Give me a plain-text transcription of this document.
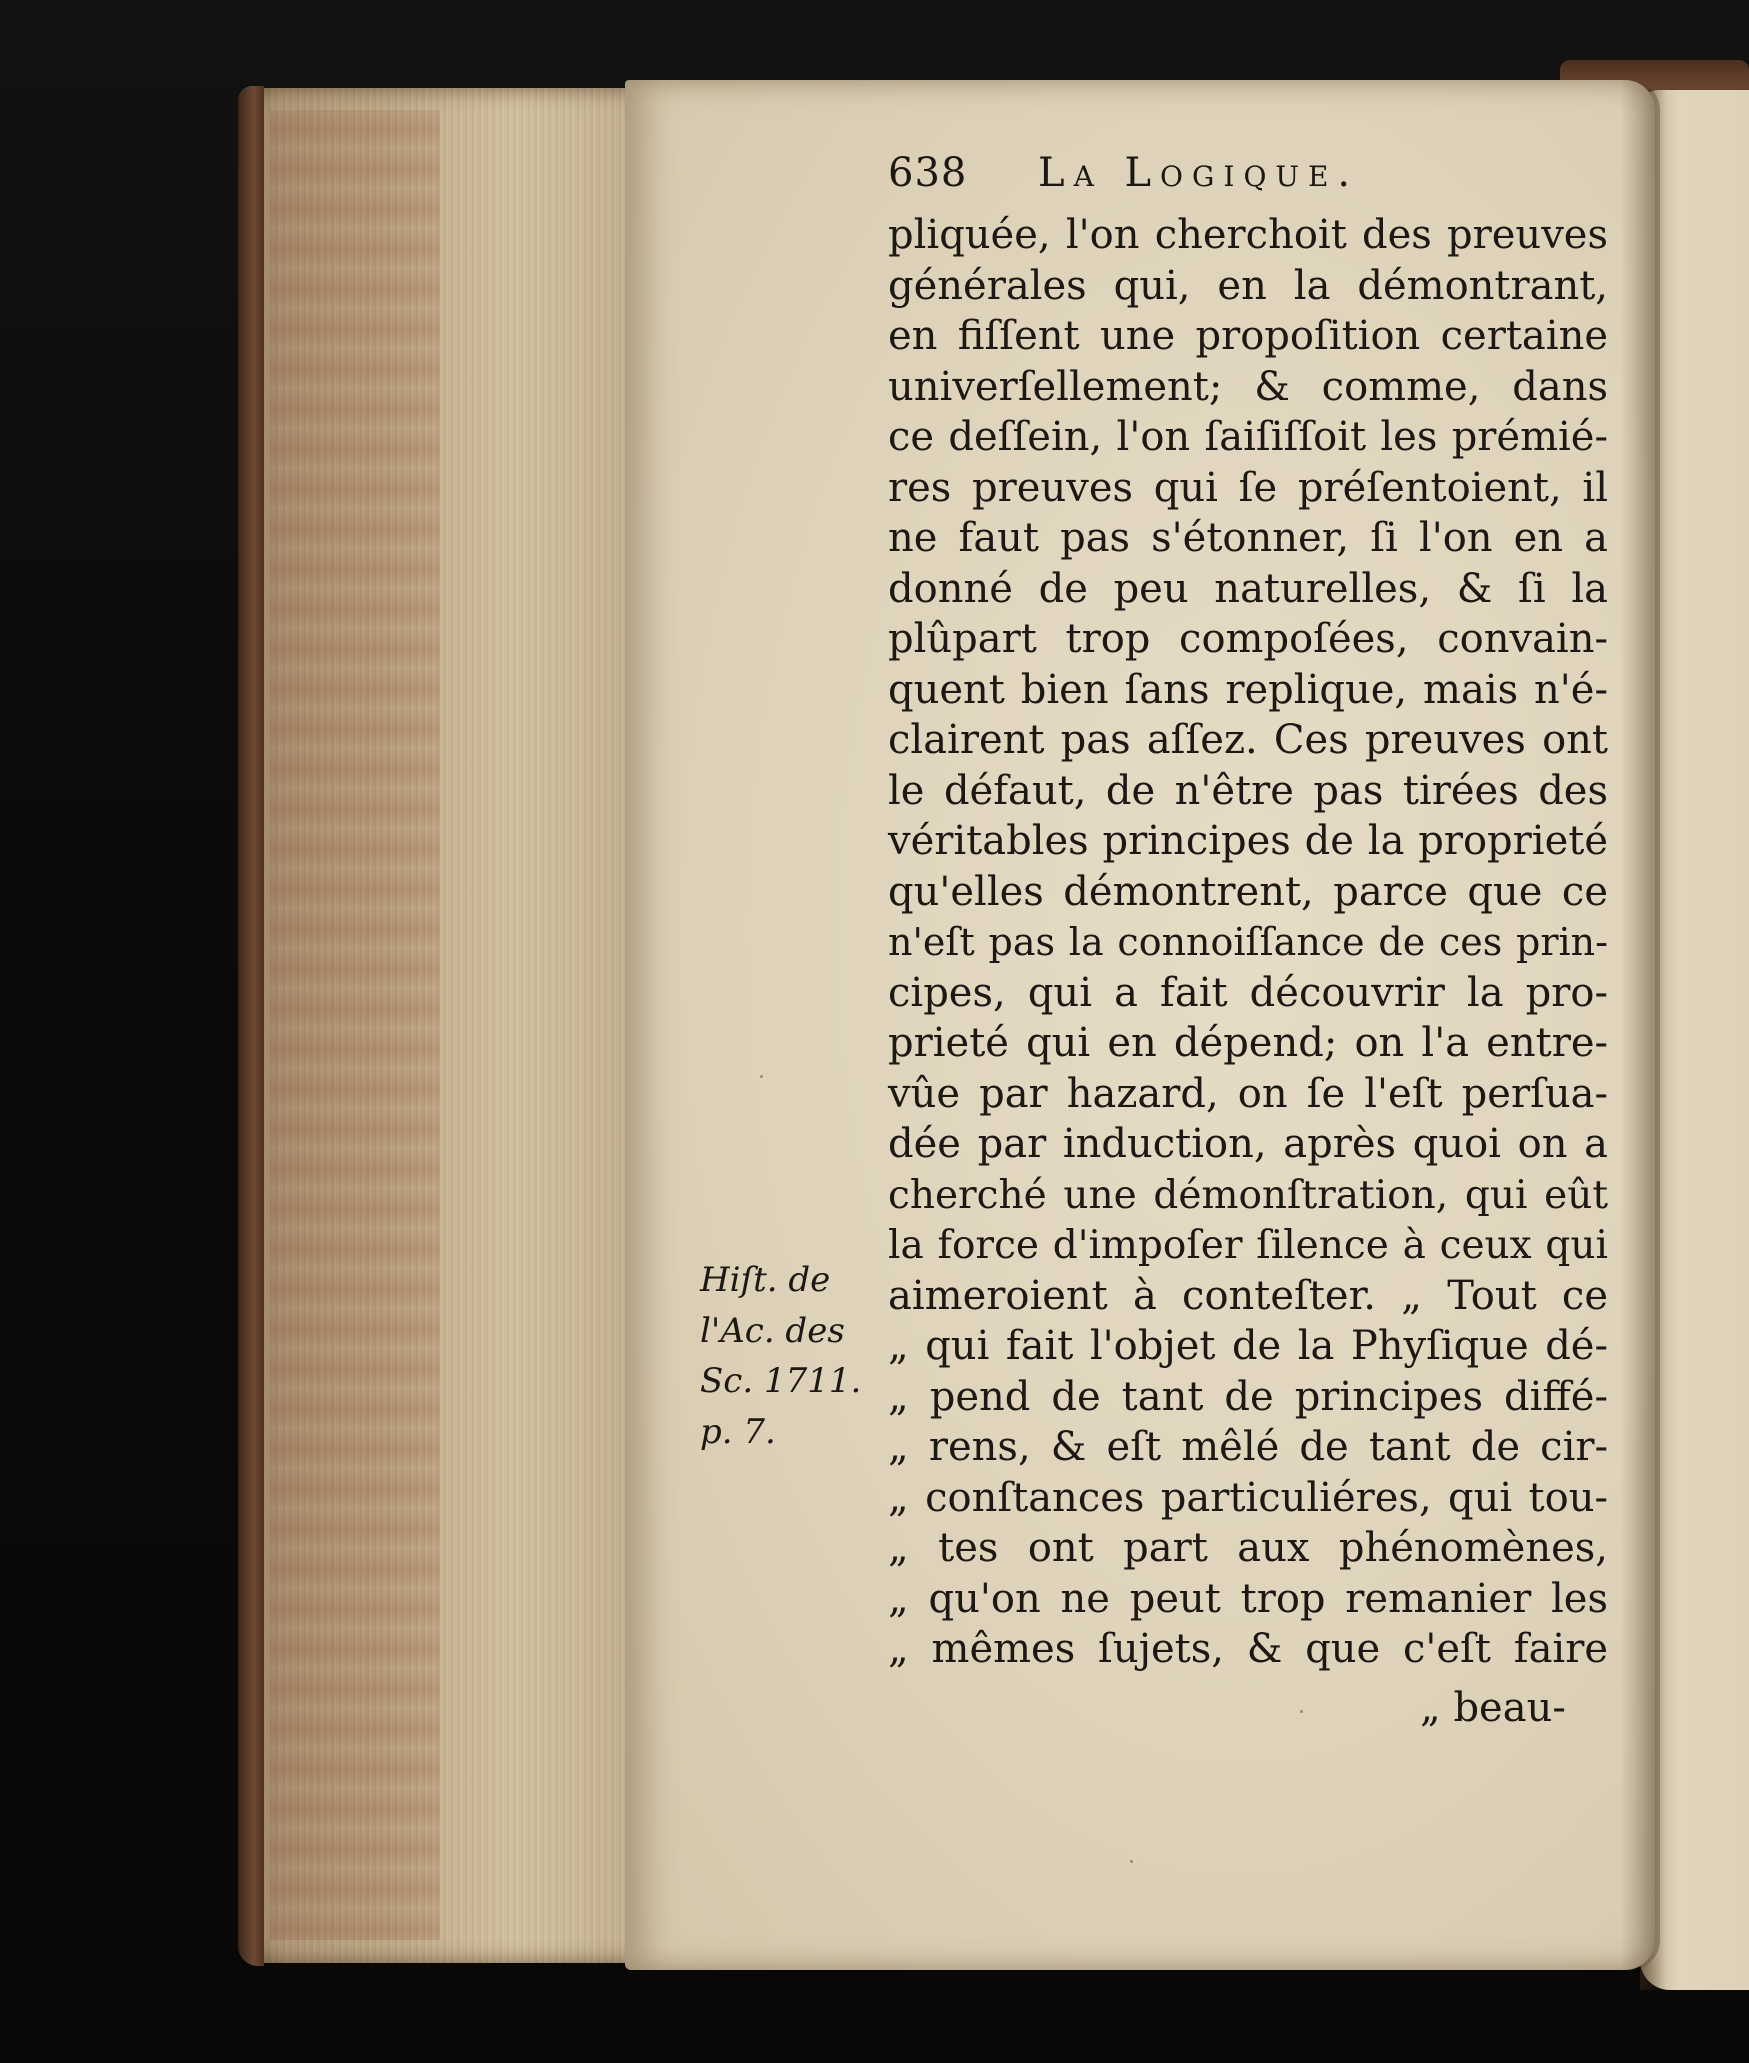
638 La Logique.
pliquée, l'on cherchoit des preuves
générales qui, en la démontrant,
en fiſſent une propoſition certaine
univerſellement; & comme, dans
ce deſſein, l'on ſaiſiſſoit les prémié-
res preuves qui ſe préſentoient, il
ne faut pas s'étonner, ſi l'on en a
donné de peu naturelles, & ſi la
plûpart trop compoſées, convain-
quent bien ſans replique, mais n'é-
clairent pas aſſez. Ces preuves ont
le défaut, de n'être pas tirées des
véritables principes de la proprieté
qu'elles démontrent, parce que ce
n'eſt pas la connoiſſance de ces prin-
cipes, qui a fait découvrir la pro-
prieté qui en dépend; on l'a entre-
vûe par hazard, on ſe l'eſt perſua-
dée par induction, après quoi on a
cherché une démonſtration, qui eût
la force d'impoſer ſilence à ceux qui
aimeroient à conteſter. „ Tout ce
„ qui fait l'objet de la Phyſique dé-
„ pend de tant de principes diffé-
„ rens, & eſt mêlé de tant de cir-
„ conſtances particuliéres, qui tou-
„ tes ont part aux phénomènes,
„ qu'on ne peut trop remanier les
„ mêmes ſujets, & que c'eſt faire
Hiſt. de
l'Ac. des
Sc. 1711.
p. 7.
„ beau-
